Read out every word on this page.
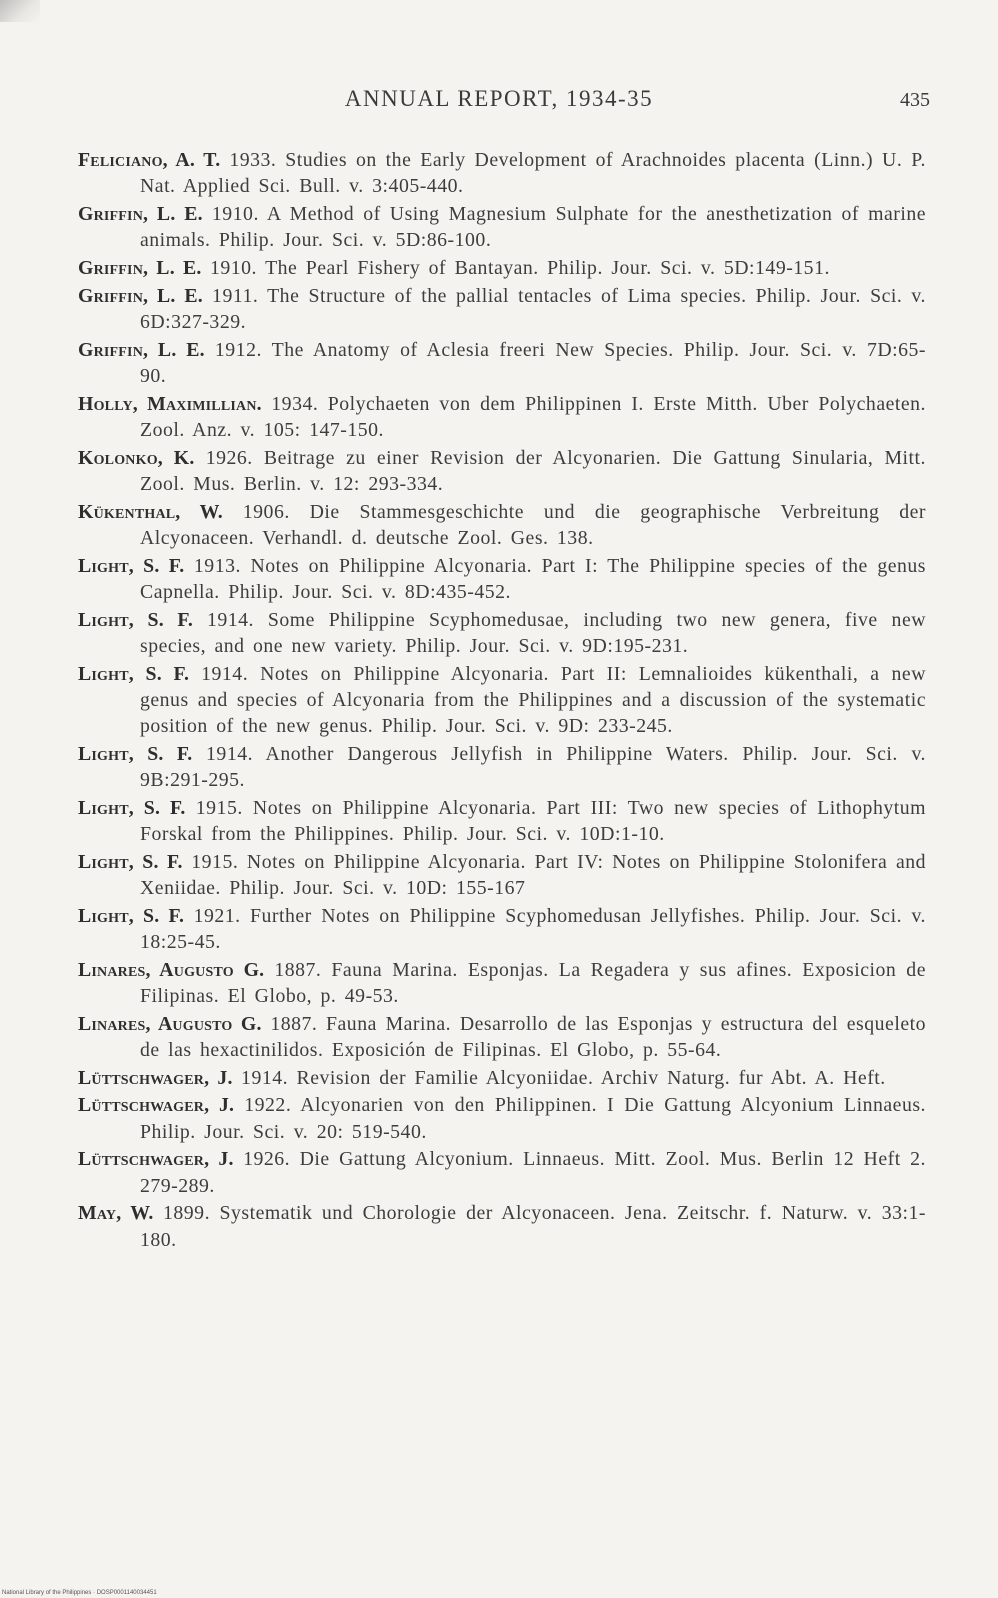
ANNUAL REPORT, 1934-35	435

Feliciano, A. T. 1933. Studies on the Early Development of Arachnoides placenta (Linn.) U. P. Nat. Applied Sci. Bull. v. 3:405-440.

Griffin, L. E. 1910. A Method of Using Magnesium Sulphate for the anesthetization of marine animals. Philip. Jour. Sci. v. 5D:86-100.

Griffin, L. E. 1910. The Pearl Fishery of Bantayan. Philip. Jour. Sci. v. 5D:149-151.

Griffin, L. E. 1911. The Structure of the pallial tentacles of Lima species. Philip. Jour. Sci. v. 6D:327-329.

Griffin, L. E. 1912. The Anatomy of Aclesia freeri New Species. Philip. Jour. Sci. v. 7D:65-90.

Holly, Maximillian. 1934. Polychaeten von dem Philippinen I. Erste Mitth. Uber Polychaeten. Zool. Anz. v. 105: 147-150.

Kolonko, K. 1926. Beitrage zu einer Revision der Alcyonarien. Die Gattung Sinularia, Mitt. Zool. Mus. Berlin. v. 12: 293-334.

Kükenthal, W. 1906. Die Stammesgeschichte und die geographische Verbreitung der Alcyonaceen. Verhandl. d. deutsche Zool. Ges. 138.

Light, S. F. 1913. Notes on Philippine Alcyonaria. Part I: The Philippine species of the genus Capnella. Philip. Jour. Sci. v. 8D:435-452.

Light, S. F. 1914. Some Philippine Scyphomedusae, including two new genera, five new species, and one new variety. Philip. Jour. Sci. v. 9D:195-231.

Light, S. F. 1914. Notes on Philippine Alcyonaria. Part II: Lemnalioides kükenthali, a new genus and species of Alcyonaria from the Philippines and a discussion of the systematic position of the new genus. Philip. Jour. Sci. v. 9D: 233-245.

Light, S. F. 1914. Another Dangerous Jellyfish in Philippine Waters. Philip. Jour. Sci. v. 9B:291-295.

Light, S. F. 1915. Notes on Philippine Alcyonaria. Part III: Two new species of Lithophytum Forskal from the Philippines. Philip. Jour. Sci. v. 10D:1-10.

Light, S. F. 1915. Notes on Philippine Alcyonaria. Part IV: Notes on Philippine Stolonifera and Xeniidae. Philip. Jour. Sci. v. 10D: 155-167

Light, S. F. 1921. Further Notes on Philippine Scyphomedusan Jellyfishes. Philip. Jour. Sci. v. 18:25-45.

Linares, Augusto G. 1887. Fauna Marina. Esponjas. La Regadera y sus afines. Exposicion de Filipinas. El Globo, p. 49-53.

Linares, Augusto G. 1887. Fauna Marina. Desarrollo de las Esponjas y estructura del esqueleto de las hexactinilidos. Exposición de Filipinas. El Globo, p. 55-64.

Lüttschwager, J. 1914. Revision der Familie Alcyoniidae. Archiv Naturg. fur Abt. A. Heft.

Lüttschwager, J. 1922. Alcyonarien von den Philippinen. I Die Gattung Alcyonium Linnaeus. Philip. Jour. Sci. v. 20: 519-540.

Lüttschwager, J. 1926. Die Gattung Alcyonium. Linnaeus. Mitt. Zool. Mus. Berlin 12 Heft 2. 279-289.

May, W. 1899. Systematik und Chorologie der Alcyonaceen. Jena. Zeitschr. f. Naturw. v. 33:1-180.

National Library of the Philippines · DOSP0001140034451
